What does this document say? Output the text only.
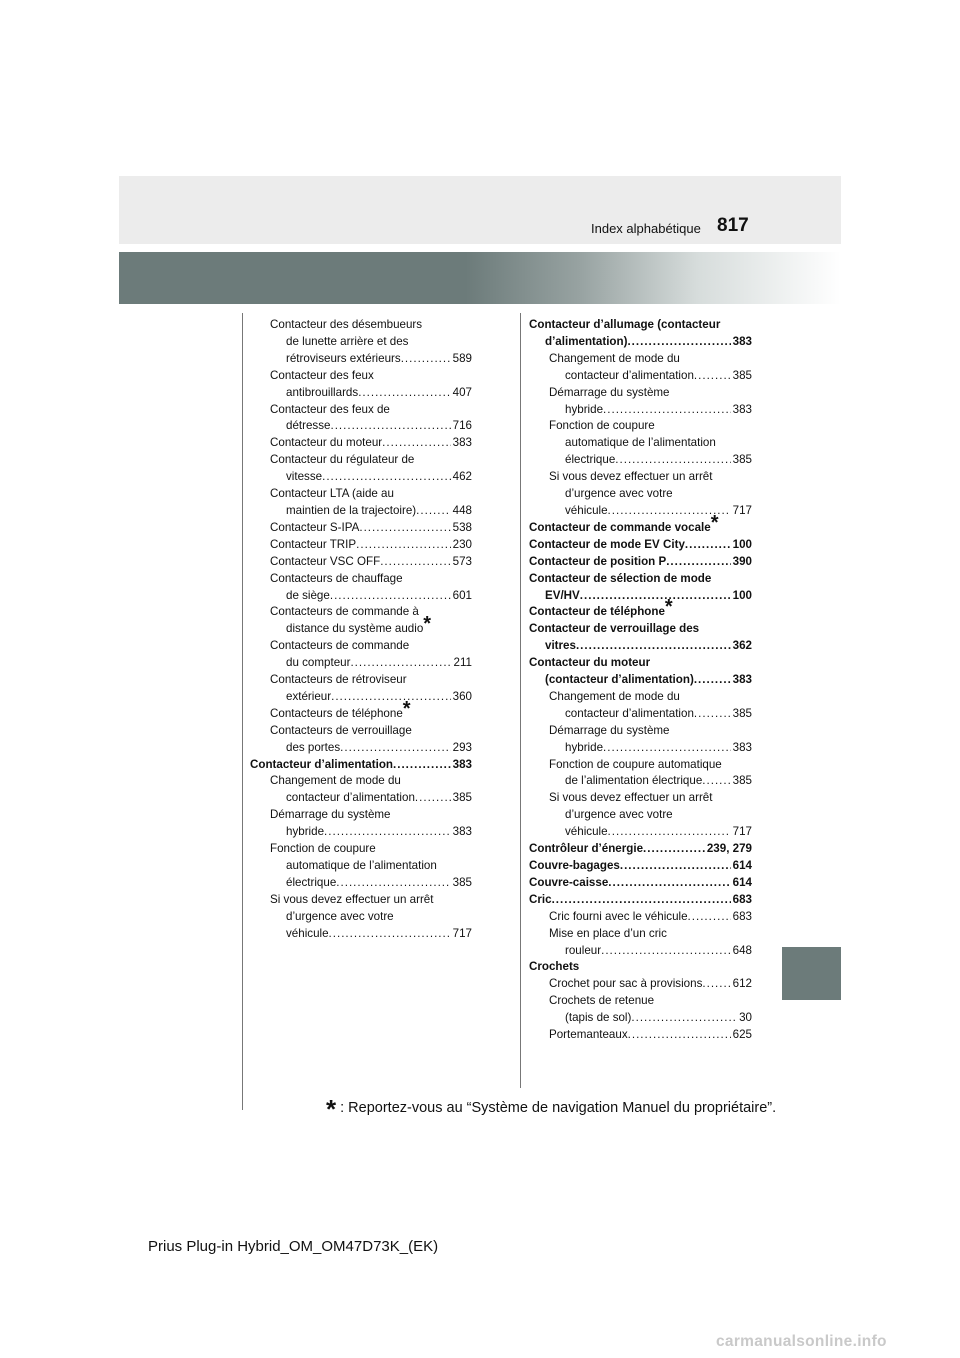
Index alphabétique 817
Contacteur des désembueurs
de lunette arrière et des
rétroviseurs extérieurs .....	589
Contacteur des feux
antibrouillards .....	407
Contacteur des feux de
détresse .....	716
Contacteur du moteur .....	383
Contacteur du régulateur de
vitesse .....	462
Contacteur LTA (aide au
maintien de la trajectoire) .....	448
Contacteur S-IPA .....	538
Contacteur TRIP .....	230
Contacteur VSC OFF .....	573
Contacteurs de chauffage
de siège .....	601
Contacteurs de commande à
distance du système audio*
Contacteurs de commande
du compteur .....	211
Contacteurs de rétroviseur
extérieur .....	360
Contacteurs de téléphone*
Contacteurs de verrouillage
des portes .....	293
Contacteur d’alimentation .....	383
Changement de mode du
contacteur d’alimentation .....	385
Démarrage du système
hybride .....	383
Fonction de coupure
automatique de l’alimentation
électrique .....	385
Si vous devez effectuer un arrêt
d’urgence avec votre
véhicule .....	717
Contacteur d’allumage (contacteur
d’alimentation) .....	383
Changement de mode du
contacteur d’alimentation .....	385
Démarrage du système
hybride .....	383
Fonction de coupure
automatique de l’alimentation
électrique .....	385
Si vous devez effectuer un arrêt
d’urgence avec votre
véhicule .....	717
Contacteur de commande vocale*
Contacteur de mode EV City .....	100
Contacteur de position P .....	390
Contacteur de sélection de mode
EV/HV .....	100
Contacteur de téléphone*
Contacteur de verrouillage des
vitres .....	362
Contacteur du moteur
(contacteur d’alimentation) .....	383
Changement de mode du
contacteur d’alimentation .....	385
Démarrage du système
hybride .....	383
Fonction de coupure automatique
de l’alimentation électrique .....	385
Si vous devez effectuer un arrêt
d’urgence avec votre
véhicule .....	717
Contrôleur d’énergie .....	239, 279
Couvre-bagages .....	614
Couvre-caisse .....	614
Cric .....	683
Cric fourni avec le véhicule .....	683
Mise en place d’un cric
rouleur .....	648
Crochets
Crochet pour sac à provisions .....	612
Crochets de retenue
(tapis de sol) .....	30
Portemanteaux .....	625
* : Reportez-vous au “Système de navigation Manuel du propriétaire”.
Prius Plug-in Hybrid_OM_OM47D73K_(EK)
carmanualsonline.info
